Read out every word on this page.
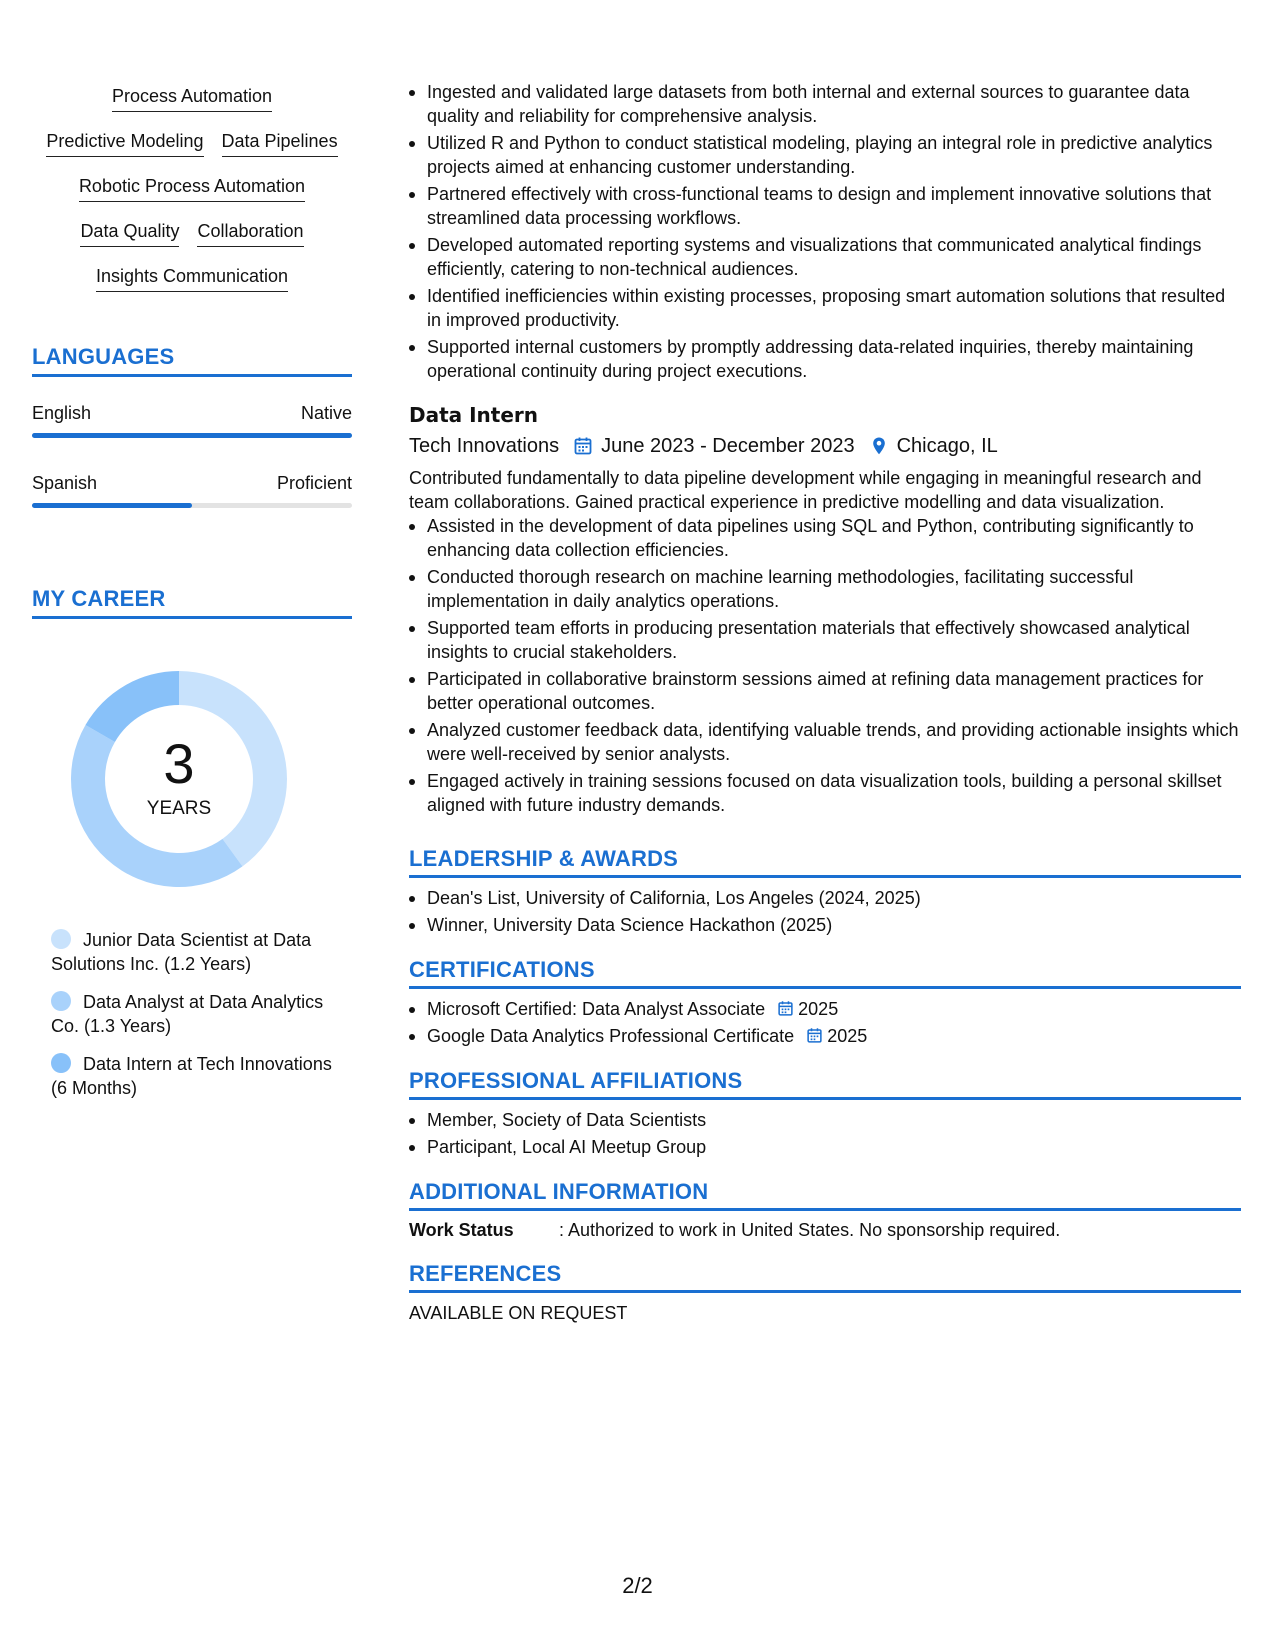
Process Automation
Predictive Modeling Data Pipelines
Robotic Process Automation
Data Quality Collaboration
Insights Communication
LANGUAGES
English	Native
Spanish	Proficient
MY CAREER
3
YEARS
Junior Data Scientist at Data Solutions Inc. (1.2 Years)
Data Analyst at Data Analytics Co. (1.3 Years)
Data Intern at Tech Innovations (6 Months)
Ingested and validated large datasets from both internal and external sources to guarantee data quality and reliability for comprehensive analysis.
Utilized R and Python to conduct statistical modeling, playing an integral role in predictive analytics projects aimed at enhancing customer understanding.
Partnered effectively with cross-functional teams to design and implement innovative solutions that streamlined data processing workflows.
Developed automated reporting systems and visualizations that communicated analytical findings efficiently, catering to non-technical audiences.
Identified inefficiencies within existing processes, proposing smart automation solutions that resulted in improved productivity.
Supported internal customers by promptly addressing data-related inquiries, thereby maintaining operational continuity during project executions.
Data Intern
Tech Innovations June 2023 - December 2023 Chicago, IL
Contributed fundamentally to data pipeline development while engaging in meaningful research and team collaborations. Gained practical experience in predictive modelling and data visualization.
Assisted in the development of data pipelines using SQL and Python, contributing significantly to enhancing data collection efficiencies.
Conducted thorough research on machine learning methodologies, facilitating successful implementation in daily analytics operations.
Supported team efforts in producing presentation materials that effectively showcased analytical insights to crucial stakeholders.
Participated in collaborative brainstorm sessions aimed at refining data management practices for better operational outcomes.
Analyzed customer feedback data, identifying valuable trends, and providing actionable insights which were well-received by senior analysts.
Engaged actively in training sessions focused on data visualization tools, building a personal skillset aligned with future industry demands.
LEADERSHIP & AWARDS
Dean's List, University of California, Los Angeles (2024, 2025)
Winner, University Data Science Hackathon (2025)
CERTIFICATIONS
Microsoft Certified: Data Analyst Associate 2025
Google Data Analytics Professional Certificate 2025
PROFESSIONAL AFFILIATIONS
Member, Society of Data Scientists
Participant, Local AI Meetup Group
ADDITIONAL INFORMATION
Work Status	: Authorized to work in United States. No sponsorship required.
REFERENCES
AVAILABLE ON REQUEST
2/2
